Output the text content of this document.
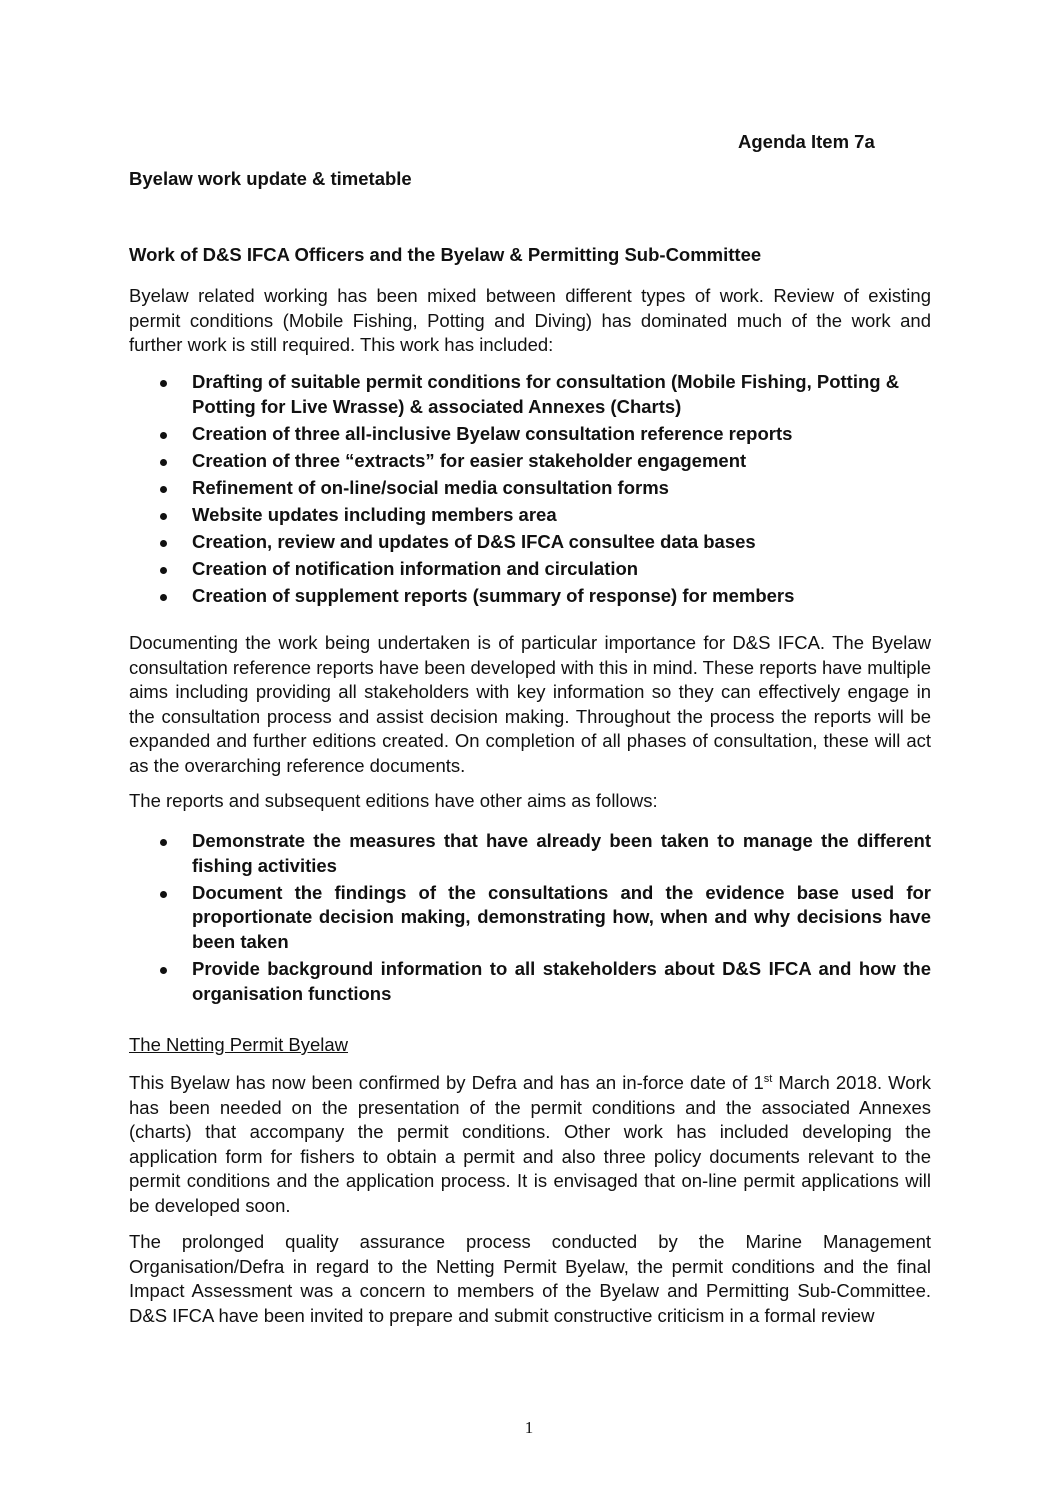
Agenda Item 7a
Byelaw work update & timetable
Work of D&S IFCA Officers and the Byelaw & Permitting Sub-Committee

Byelaw related working has been mixed between different types of work. Review of existing permit conditions (Mobile Fishing, Potting and Diving) has dominated much of the work and further work is still required. This work has included:

Drafting of suitable permit conditions for consultation (Mobile Fishing, Potting & Potting for Live Wrasse) & associated Annexes (Charts)
Creation of three all-inclusive Byelaw consultation reference reports
Creation of three “extracts” for easier stakeholder engagement
Refinement of on-line/social media consultation forms
Website updates including members area
Creation, review and updates of D&S IFCA consultee data bases
Creation of notification information and circulation
Creation of supplement reports (summary of response) for members

Documenting the work being undertaken is of particular importance for D&S IFCA. The Byelaw consultation reference reports have been developed with this in mind. These reports have multiple aims including providing all stakeholders with key information so they can effectively engage in the consultation process and assist decision making. Throughout the process the reports will be expanded and further editions created. On completion of all phases of consultation, these will act as the overarching reference documents.

The reports and subsequent editions have other aims as follows:

Demonstrate the measures that have already been taken to manage the different fishing activities
Document the findings of the consultations and the evidence base used for proportionate decision making, demonstrating how, when and why decisions have been taken
Provide background information to all stakeholders about D&S IFCA and how the organisation functions
The Netting Permit Byelaw

This Byelaw has now been confirmed by Defra and has an in-force date of 1st March 2018. Work has been needed on the presentation of the permit conditions and the associated Annexes (charts) that accompany the permit conditions. Other work has included developing the application form for fishers to obtain a permit and also three policy documents relevant to the permit conditions and the application process. It is envisaged that on-line permit applications will be developed soon.

The prolonged quality assurance process conducted by the Marine Management Organisation/Defra in regard to the Netting Permit Byelaw, the permit conditions and the final Impact Assessment was a concern to members of the Byelaw and Permitting Sub-Committee. D&S IFCA have been invited to prepare and submit constructive criticism in a formal review

1
